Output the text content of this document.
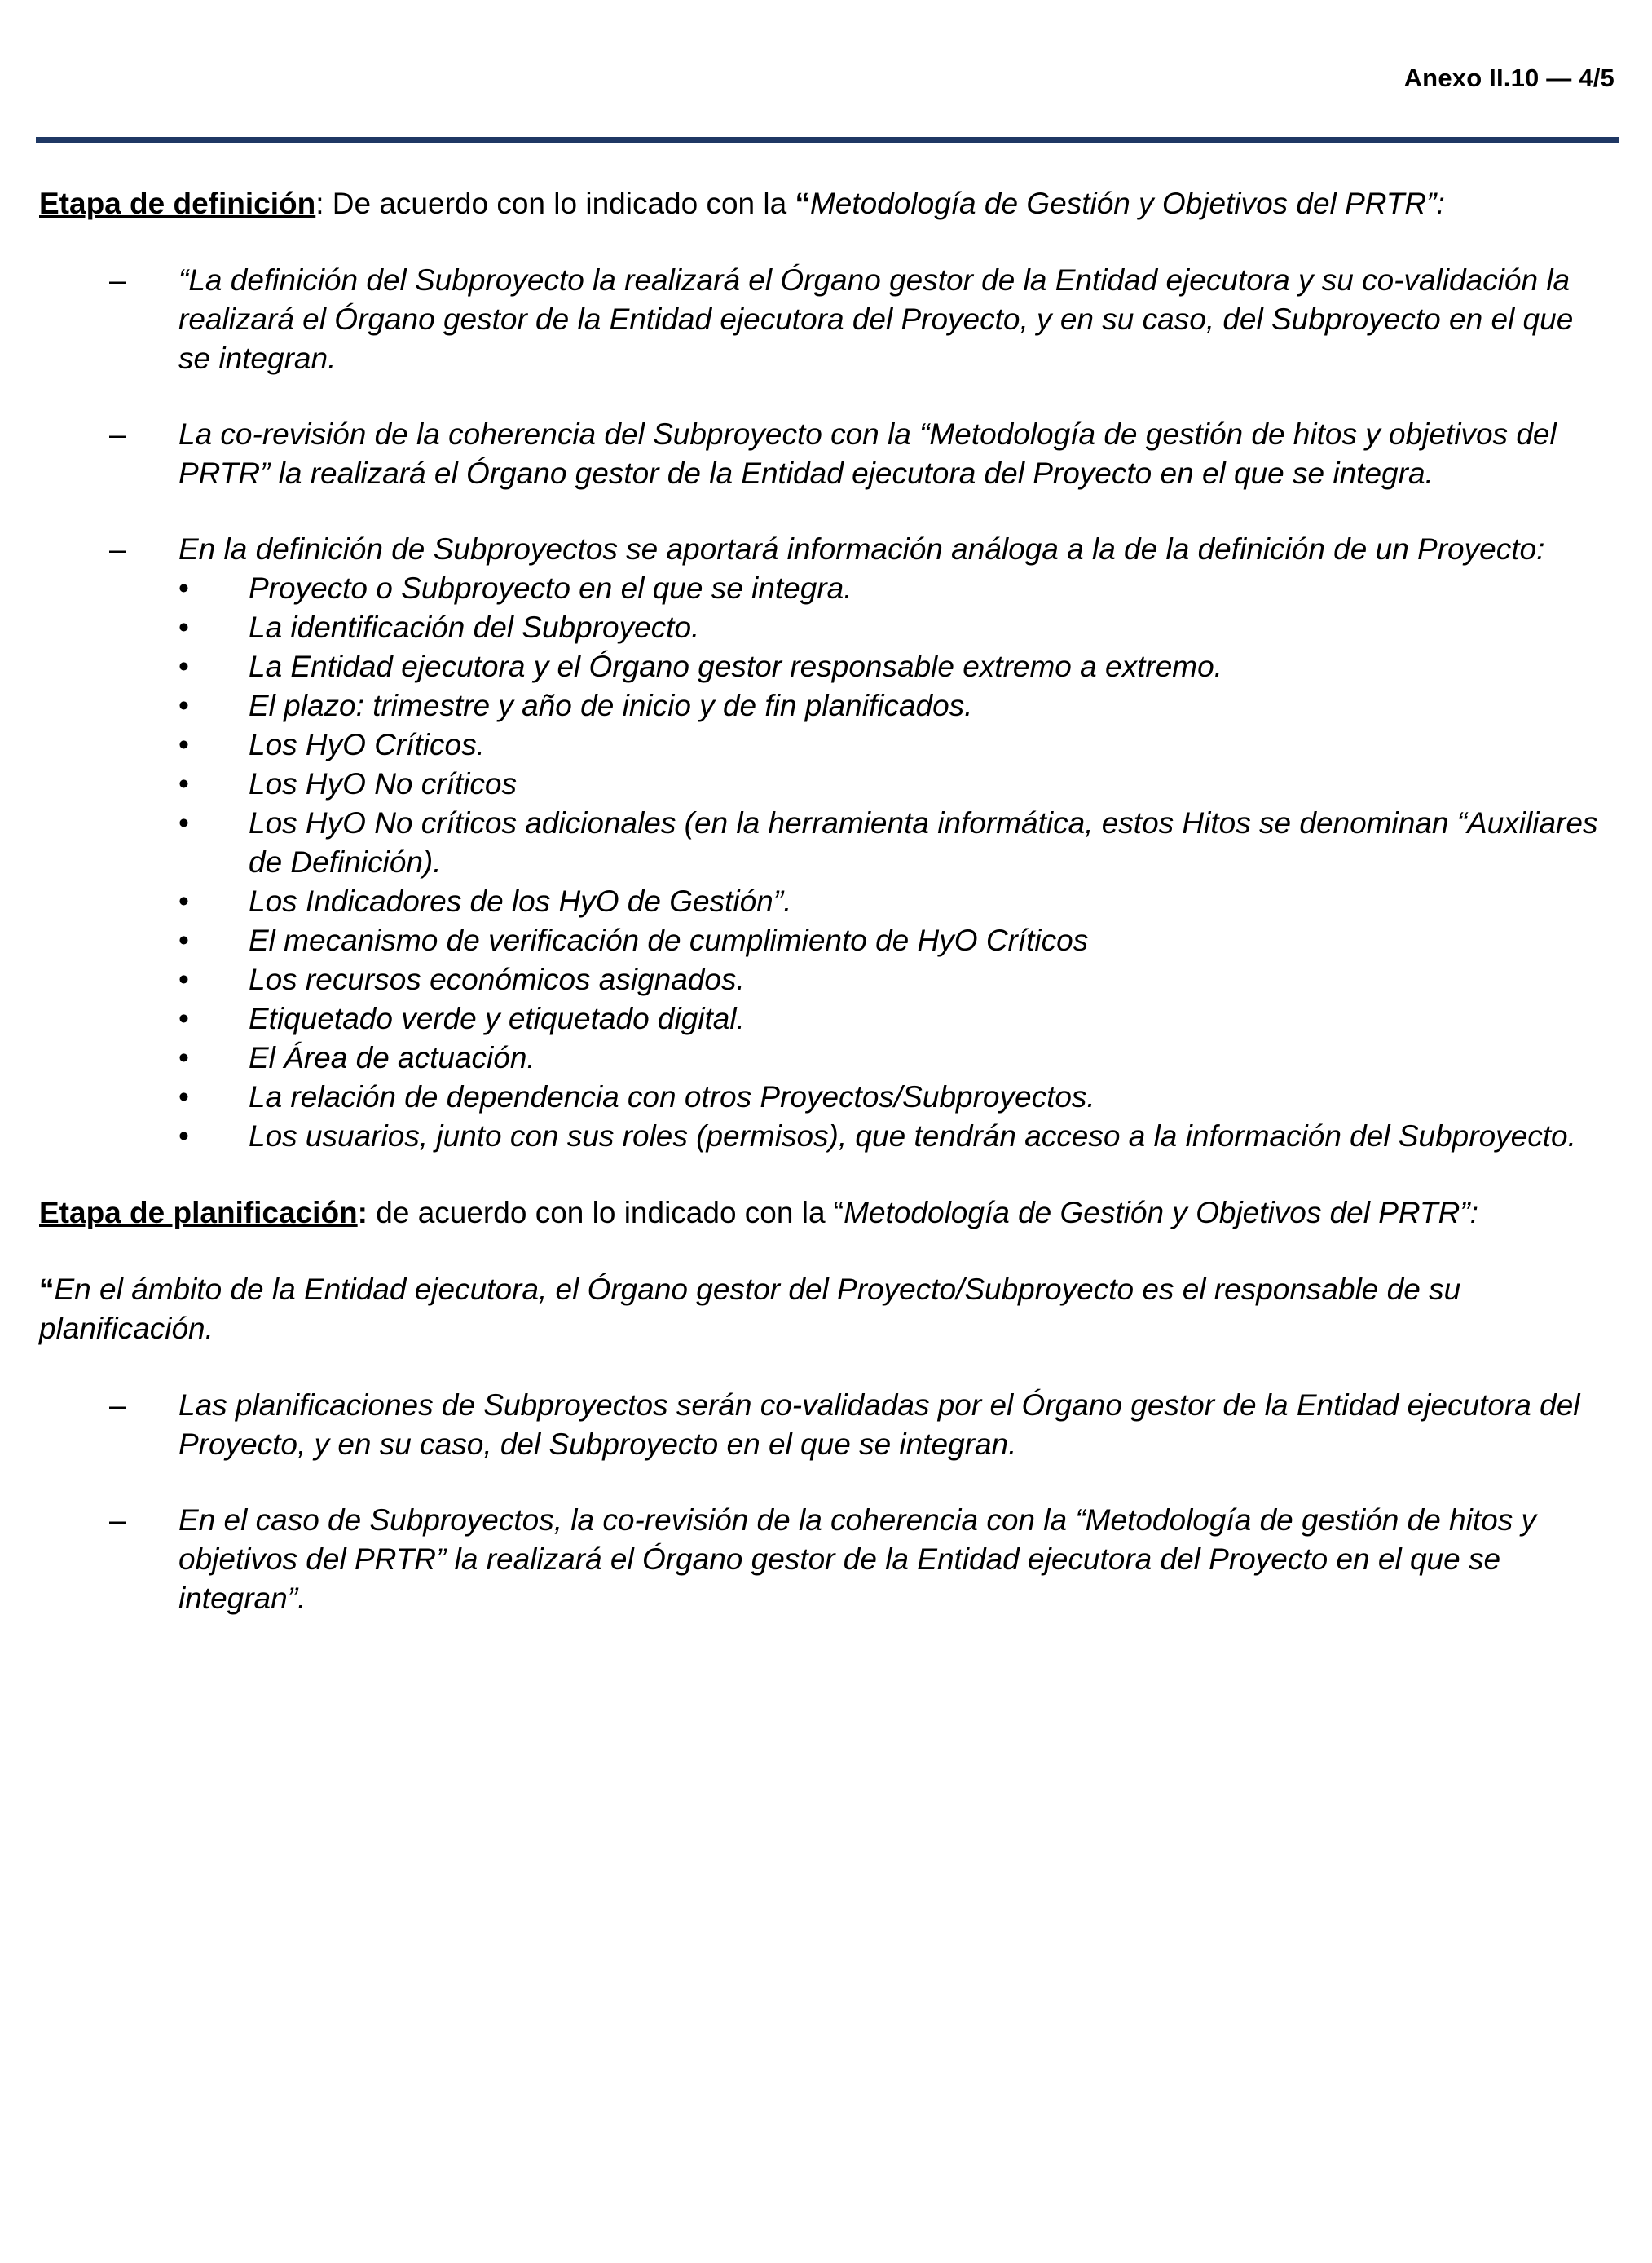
Anexo II.10 — 4/5

Etapa de definición: De acuerdo con lo indicado con la “Metodología de Gestión y Objetivos del PRTR”:

– “La definición del Subproyecto la realizará el Órgano gestor de la Entidad ejecutora y su co-validación la realizará el Órgano gestor de la Entidad ejecutora del Proyecto, y en su caso, del Subproyecto en el que se integran.
– La co-revisión de la coherencia del Subproyecto con la “Metodología de gestión de hitos y objetivos del PRTR” la realizará el Órgano gestor de la Entidad ejecutora del Proyecto en el que se integra.
– En la definición de Subproyectos se aportará información análoga a la de la definición de un Proyecto:
• Proyecto o Subproyecto en el que se integra.
• La identificación del Subproyecto.
• La Entidad ejecutora y el Órgano gestor responsable extremo a extremo.
• El plazo: trimestre y año de inicio y de fin planificados.
• Los HyO Críticos.
• Los HyO No críticos
• Los HyO No críticos adicionales (en la herramienta informática, estos Hitos se denominan “Auxiliares de Definición).
• Los Indicadores de los HyO de Gestión”.
• El mecanismo de verificación de cumplimiento de HyO Críticos
• Los recursos económicos asignados.
• Etiquetado verde y etiquetado digital.
• El Área de actuación.
• La relación de dependencia con otros Proyectos/Subproyectos.
• Los usuarios, junto con sus roles (permisos), que tendrán acceso a la información del Subproyecto.

Etapa de planificación: de acuerdo con lo indicado con la “Metodología de Gestión y Objetivos del PRTR”:

“En el ámbito de la Entidad ejecutora, el Órgano gestor del Proyecto/Subproyecto es el responsable de su planificación.

– Las planificaciones de Subproyectos serán co-validadas por el Órgano gestor de la Entidad ejecutora del Proyecto, y en su caso, del Subproyecto en el que se integran.
– En el caso de Subproyectos, la co-revisión de la coherencia con la “Metodología de gestión de hitos y objetivos del PRTR” la realizará el Órgano gestor de la Entidad ejecutora del Proyecto en el que se integran”.
